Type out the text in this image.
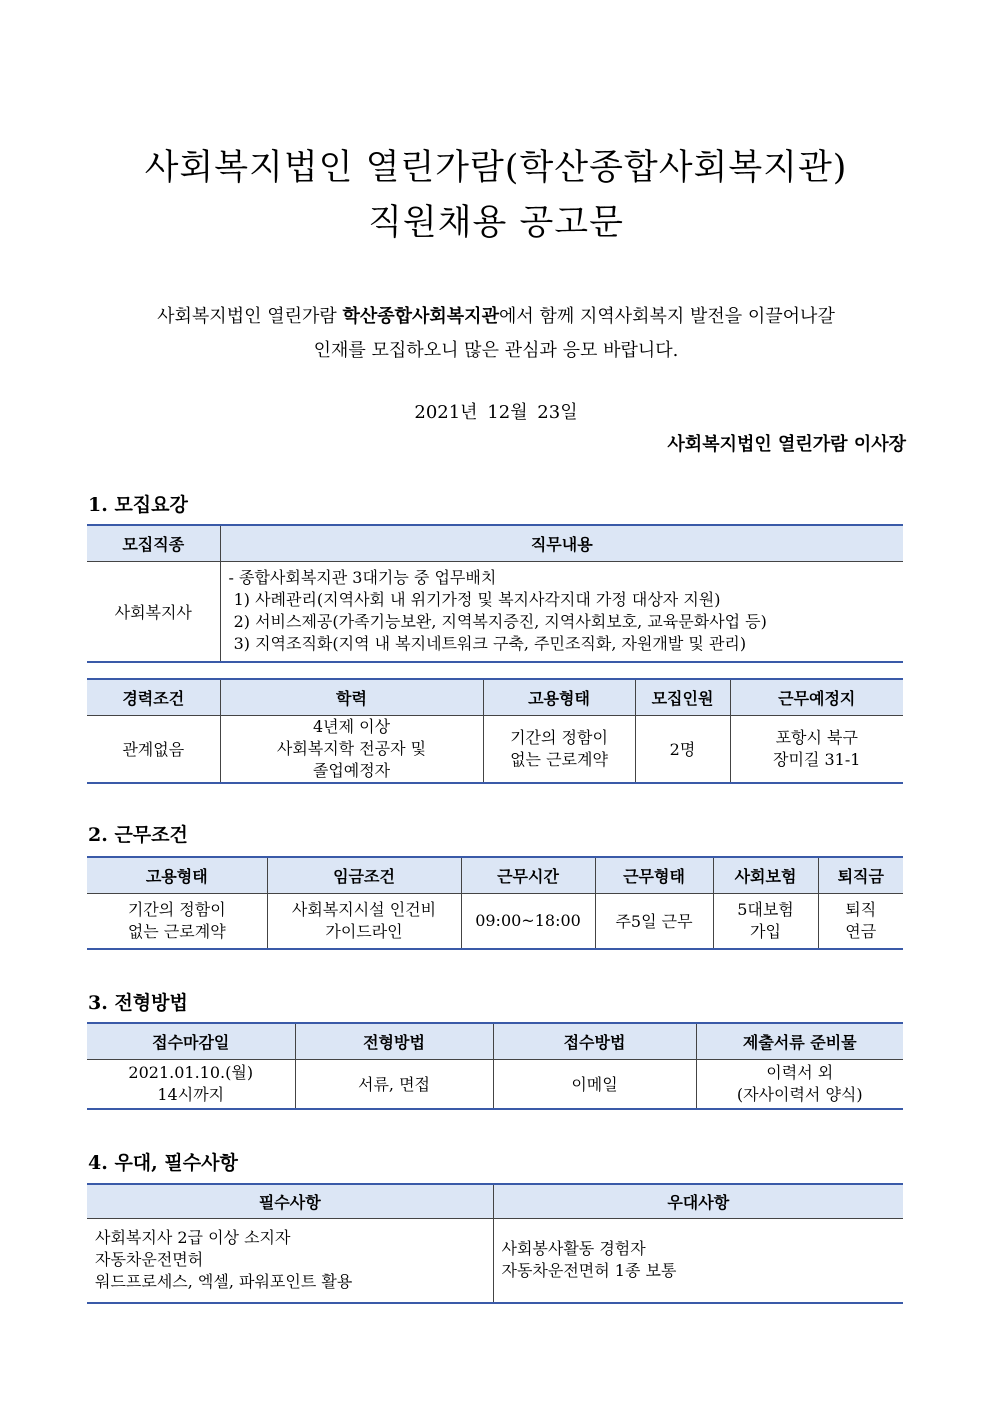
사회복지법인 열린가람(학산종합사회복지관)
직원채용 공고문
사회복지법인 열린가람 학산종합사회복지관에서 함께 지역사회복지 발전을 이끌어나갈
인재를 모집하오니 많은 관심과 응모 바랍니다.
2021년 12월 23일
사회복지법인 열린가람 이사장
1. 모집요강
모집직종	직무내용
사회복지사	- 종합사회복지관 3대기능 중 업무배치
1) 사례관리(지역사회 내 위기가정 및 복지사각지대 가정 대상자 지원)
2) 서비스제공(가족기능보완, 지역복지증진, 지역사회보호, 교육문화사업 등)
3) 지역조직화(지역 내 복지네트워크 구축, 주민조직화, 자원개발 및 관리)
경력조건	학력	고용형태	모집인원	근무예정지
관계없음	4년제 이상
사회복지학 전공자 및
졸업예정자	기간의 정함이
없는 근로계약	2명	포항시 북구
장미길 31-1
2. 근무조건
고용형태	임금조건	근무시간	근무형태	사회보험	퇴직금

기간의 정함이
없는 근로계약	사회복지시설 인건비
가이드라인	09:00~18:00	주5일 근무	5대보험
가입	퇴직
연금
3. 전형방법
접수마감일	전형방법	접수방법	제출서류 준비물

2021.01.10.(월)
14시까지	서류, 면접	이메일	이력서 외
(자사이력서 양식)
4. 우대, 필수사항
필수사항	우대사항

사회복지사 2급 이상 소지자
자동차운전면허
워드프로세스, 엑셀, 파워포인트 활용	사회봉사활동 경험자
자동차운전면허 1종 보통
